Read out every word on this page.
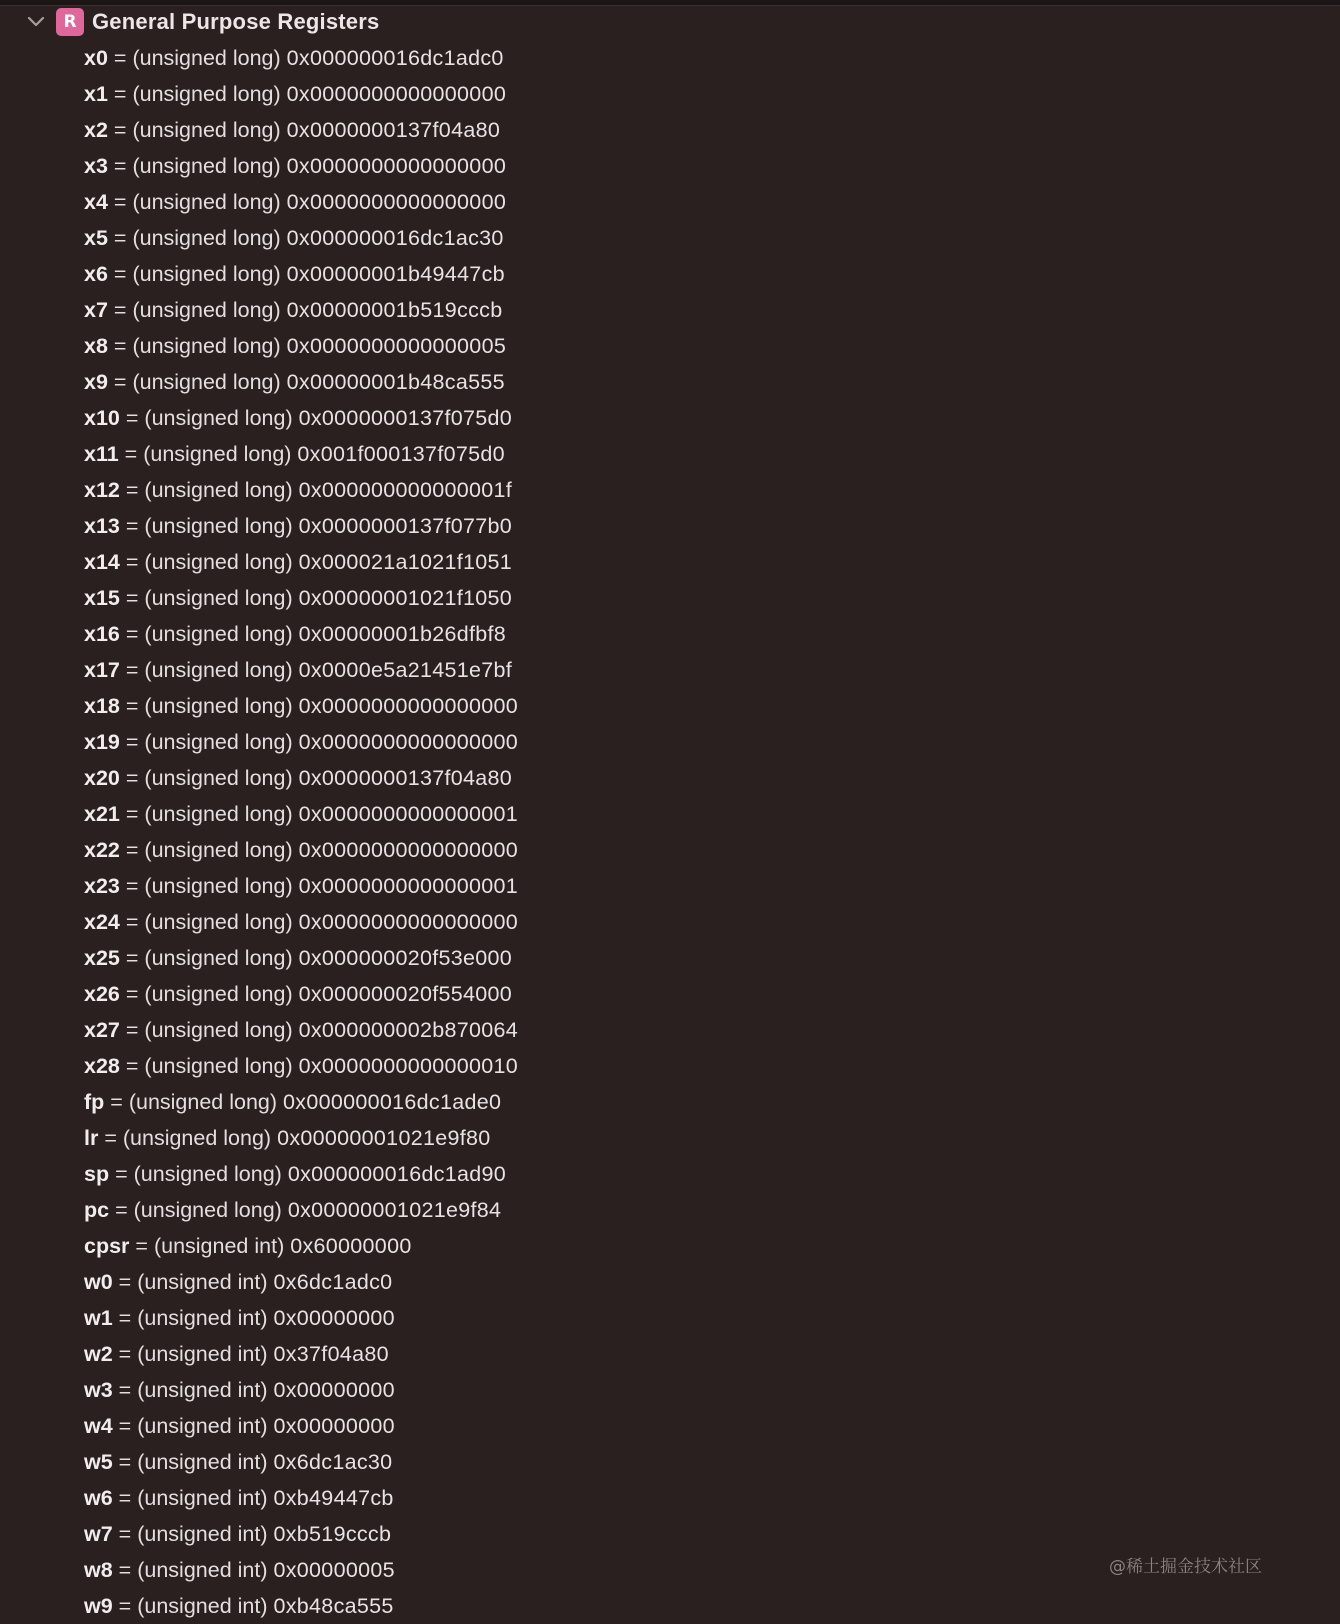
R General Purpose Registers
x0 = (unsigned long) 0x000000016dc1adc0
x1 = (unsigned long) 0x0000000000000000
x2 = (unsigned long) 0x0000000137f04a80
x3 = (unsigned long) 0x0000000000000000
x4 = (unsigned long) 0x0000000000000000
x5 = (unsigned long) 0x000000016dc1ac30
x6 = (unsigned long) 0x00000001b49447cb
x7 = (unsigned long) 0x00000001b519cccb
x8 = (unsigned long) 0x0000000000000005
x9 = (unsigned long) 0x00000001b48ca555
x10 = (unsigned long) 0x0000000137f075d0
x11 = (unsigned long) 0x001f000137f075d0
x12 = (unsigned long) 0x000000000000001f
x13 = (unsigned long) 0x0000000137f077b0
x14 = (unsigned long) 0x000021a1021f1051
x15 = (unsigned long) 0x00000001021f1050
x16 = (unsigned long) 0x00000001b26dfbf8
x17 = (unsigned long) 0x0000e5a21451e7bf
x18 = (unsigned long) 0x0000000000000000
x19 = (unsigned long) 0x0000000000000000
x20 = (unsigned long) 0x0000000137f04a80
x21 = (unsigned long) 0x0000000000000001
x22 = (unsigned long) 0x0000000000000000
x23 = (unsigned long) 0x0000000000000001
x24 = (unsigned long) 0x0000000000000000
x25 = (unsigned long) 0x000000020f53e000
x26 = (unsigned long) 0x000000020f554000
x27 = (unsigned long) 0x000000002b870064
x28 = (unsigned long) 0x0000000000000010
fp = (unsigned long) 0x000000016dc1ade0
lr = (unsigned long) 0x00000001021e9f80
sp = (unsigned long) 0x000000016dc1ad90
pc = (unsigned long) 0x00000001021e9f84
cpsr = (unsigned int) 0x60000000
w0 = (unsigned int) 0x6dc1adc0
w1 = (unsigned int) 0x00000000
w2 = (unsigned int) 0x37f04a80
w3 = (unsigned int) 0x00000000
w4 = (unsigned int) 0x00000000
w5 = (unsigned int) 0x6dc1ac30
w6 = (unsigned int) 0xb49447cb
w7 = (unsigned int) 0xb519cccb
w8 = (unsigned int) 0x00000005
w9 = (unsigned int) 0xb48ca555
@稀土掘金技术社区
